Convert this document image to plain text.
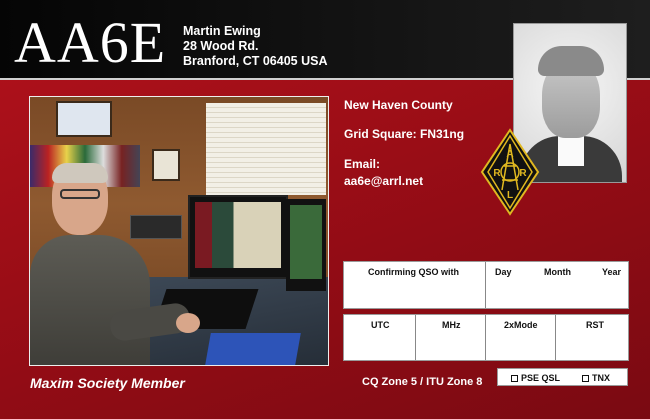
AA6E Martin Ewing
28 Wood Rd.
Branford, CT 06405 USA
New Haven County
Grid Square: FN31ng
Email:
aa6e@arrl.net
A
R R
L
Confirming QSO with	Day	Month	Year
UTC	MHz	2xMode	RST
Maxim Society Member	CQ Zone 5 / ITU Zone 8	PSE QSL	TNX
